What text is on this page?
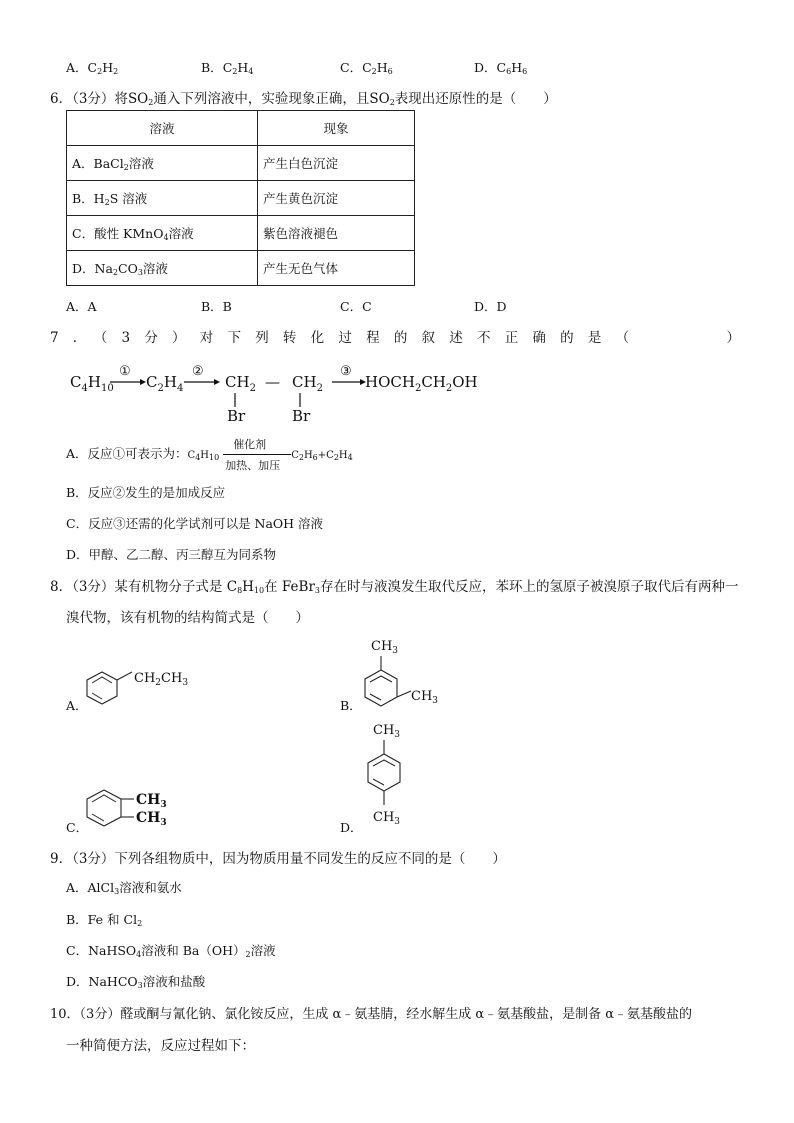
A．$C_2H_2$	B．$C_2H_4$	C．$C_2H_6$	D．$C_6H_6$
6．（3分）将$SO_2$通入下列溶液中，实验现象正确，且$SO_2$表现出还原性的是（　　）
溶液	现象
A．BaCl$_2$溶液	产生白色沉淀
B．$H_2S$ 溶液	产生黄色沉淀
C．酸性 KMnO$_4$溶液	紫色溶液褪色
D．$Na_2CO_3$溶液	产生无色气体
A．A	B．B	C．C	D．D
7．（3分）对下列转化过程的叙述不正确的是（　　　）
$C_4H_{10}$
①
$C_2H_4$
②
$CH_2$ — $CH_2$
Br	Br
③
$HOCH_2CH_2OH$
A．反应①可表示为：$C_4H_{10}$
催化剂
加热、加压
$C_2H_6+C_2H_4$
B．反应②发生的是加成反应
C．反应③还需的化学试剂可以是 NaOH 溶液
D．甲醇、乙二醇、丙三醇互为同系物
8．（3分）某有机物分子式是 $C_8H_{10}$在 FeBr$_3$存在时与液溴发生取代反应，苯环上的氢原子被溴原子取代后有两种一
溴代物，该有机物的结构简式是（　　）
A．
$CH_2CH_3$
B．
$CH_3$
$CH_3$
C．
$CH_3$
$CH_3$	D．
$CH_3$
$CH_3$
9．（3分）下列各组物质中，因为物质用量不同发生的反应不同的是（　　）
A．AlCl$_3$溶液和氨水
B．Fe 和 $Cl_2$
C．NaHSO$_4$溶液和 $Ba(OH)_2$溶液
D．NaHCO$_3$溶液和盐酸
10．（3分）醛或酮与氰化钠、氯化铵反应，生成 α﹣氨基腈，经水解生成 α﹣氨基酸盐，是制备 α﹣氨基酸盐的
一种简便方法，反应过程如下：
